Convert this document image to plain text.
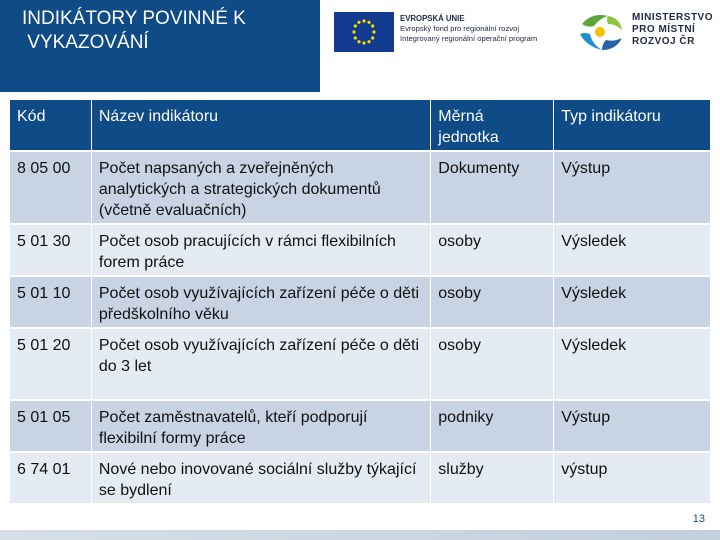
INDIKÁTORY POVINNÉ K
VYKAZOVÁNÍ
EVROPSKÁ UNIE
Evropský fond pro regionální rozvoj
Integrovaný regionální operační program
MINISTERSTVO
PRO MÍSTNÍ
ROZVOJ ČR
Kód	Název indikátoru	Měrná jednotka	Typ indikátoru
8 05 00	Počet napsaných a zveřejněných analytických a strategických dokumentů (včetně evaluačních)	Dokumenty	Výstup
5 01 30	Počet osob pracujících v rámci flexibilních forem práce	osoby	Výsledek
5 01 10	Počet osob využívajících zařízení péče o děti předškolního věku	osoby	Výsledek
5 01 20	Počet osob využívajících zařízení péče o děti do 3 let	osoby	Výsledek
5 01 05	Počet zaměstnavatelů, kteří podporují flexibilní formy práce	podniky	Výstup
6 74 01	Nové nebo inovované sociální služby týkající se bydlení	služby	výstup
13
